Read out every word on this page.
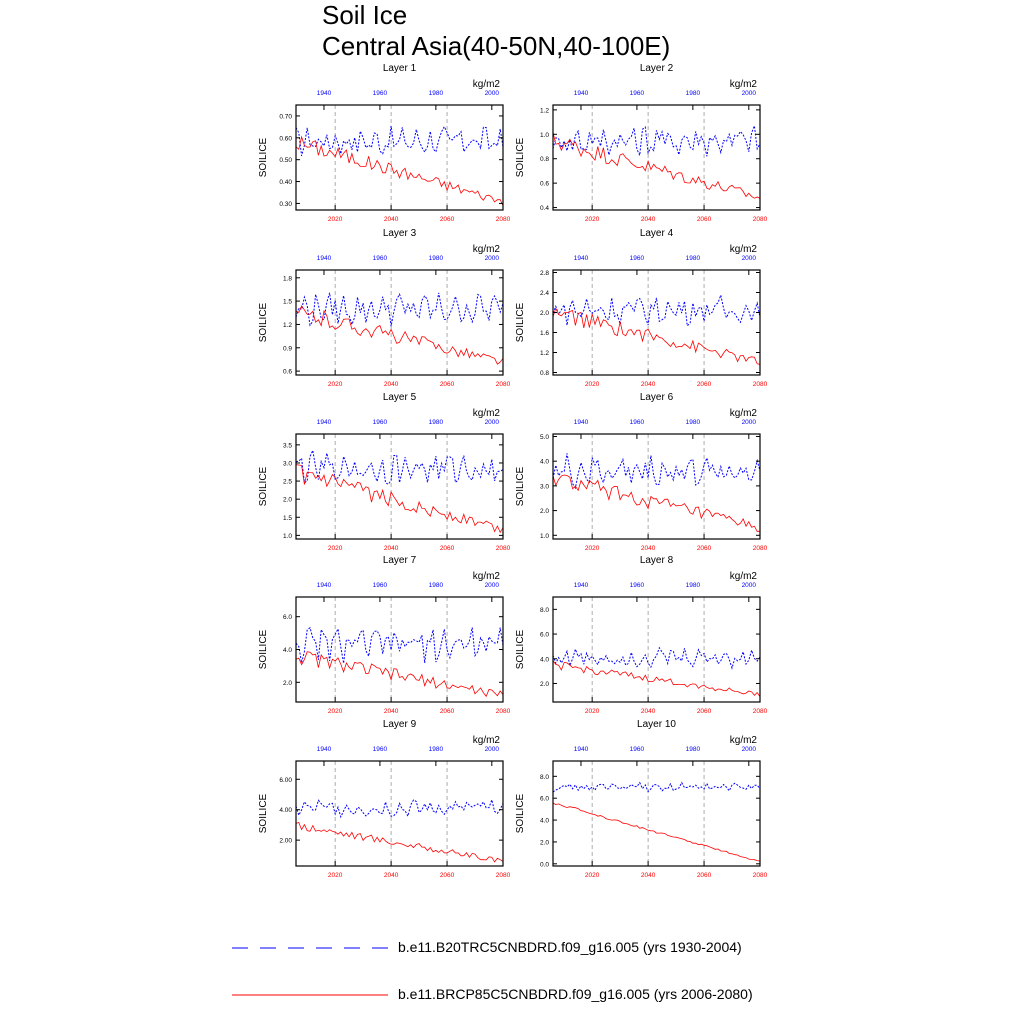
Soil Ice
Central Asia(40-50N,40-100E)
Layer 1
kg/m2
SOILICE
0.30
0.40
0.50
0.60
0.70
2020	2040	2060	2080
1940	1960	1980	2000
Layer 2
kg/m2
SOILICE
0.4
0.6
0.8
1.0
1.2
2020	2040	2060	2080
1940	1960	1980	2000
Layer 3
kg/m2
SOILICE
0.6
0.9
1.2
1.5
1.8
2020	2040	2060	2080
1940	1960	1980	2000
Layer 4
kg/m2
SOILICE
0.8
1.2
1.6
2.0
2.4
2.8
2020	2040	2060	2080
1940	1960	1980	2000
Layer 5
kg/m2
SOILICE
1.0
1.5
2.0
2.5
3.0
3.5
2020	2040	2060	2080
1940	1960	1980	2000
Layer 6
kg/m2
SOILICE
1.0
2.0
3.0
4.0
5.0
2020	2040	2060	2080
1940	1960	1980	2000
Layer 7
kg/m2
SOILICE
2.0
4.0
6.0
2020	2040	2060	2080
1940	1960	1980	2000
Layer 8
kg/m2
SOILICE
2.0
4.0
6.0
8.0
2020	2040	2060	2080
1940	1960	1980	2000
Layer 9
kg/m2
SOILICE
2.00
4.00
6.00
2020	2040	2060	2080
1940	1960	1980	2000
Layer 10
kg/m2
SOILICE
0.0
2.0
4.0
6.0
8.0
2020	2040	2060	2080
1940	1960	1980	2000
b.e11.B20TRC5CNBDRD.f09_g16.005 (yrs 1930-2004)
b.e11.BRCP85C5CNBDRD.f09_g16.005 (yrs 2006-2080)
